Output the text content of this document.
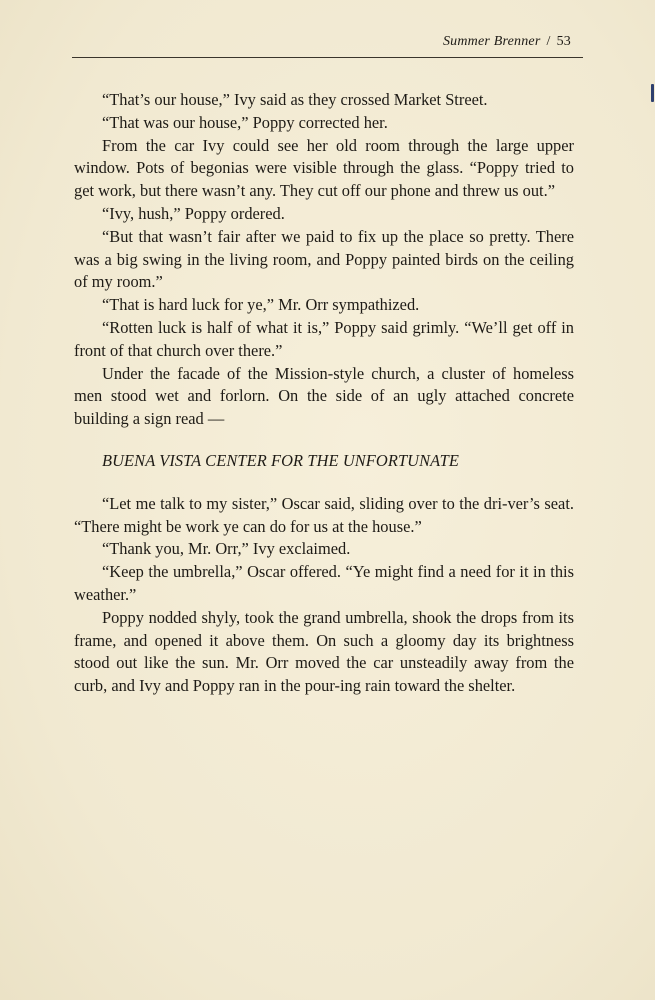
Summer Brenner / 53

“That’s our house,” Ivy said as they crossed Market Street.

“That was our house,” Poppy corrected her.

From the car Ivy could see her old room through the large upper window. Pots of begonias were visible through the glass. “Poppy tried to get work, but there wasn’t any. They cut off our phone and threw us out.”

“Ivy, hush,” Poppy ordered.

“But that wasn’t fair after we paid to fix up the place so pretty. There was a big swing in the living room, and Poppy painted birds on the ceiling of my room.”

“That is hard luck for ye,” Mr. Orr sympathized.

“Rotten luck is half of what it is,” Poppy said grimly. “We’ll get off in front of that church over there.”

Under the facade of the Mission-style church, a cluster of homeless men stood wet and forlorn. On the side of an ugly attached concrete building a sign read —

BUENA VISTA CENTER FOR THE UNFORTUNATE

“Let me talk to my sister,” Oscar said, sliding over to the dri-ver’s seat. “There might be work ye can do for us at the house.”

“Thank you, Mr. Orr,” Ivy exclaimed.

“Keep the umbrella,” Oscar offered. “Ye might find a need for it in this weather.”

Poppy nodded shyly, took the grand umbrella, shook the drops from its frame, and opened it above them. On such a gloomy day its brightness stood out like the sun. Mr. Orr moved the car unsteadily away from the curb, and Ivy and Poppy ran in the pour-ing rain toward the shelter.
